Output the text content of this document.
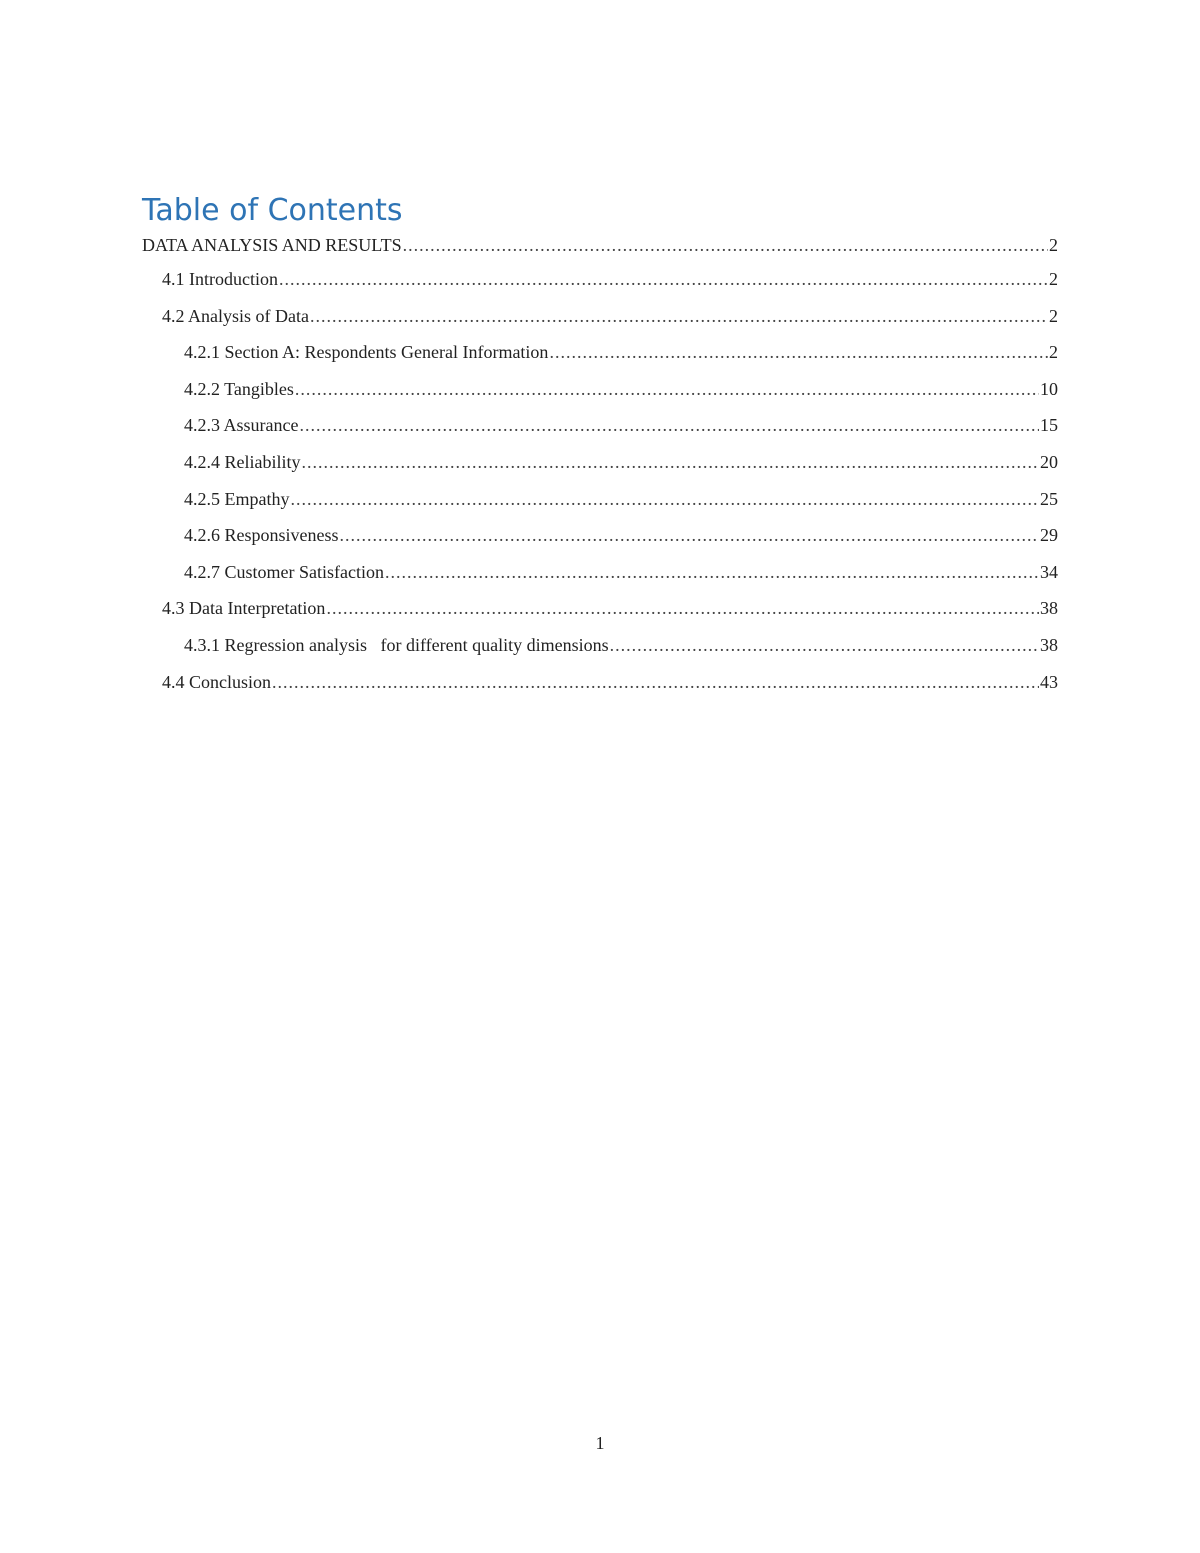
Table of Contents
DATA ANALYSIS AND RESULTS .....	2
4.1 Introduction .....	2
4.2 Analysis of Data .....	2
4.2.1 Section A: Respondents General Information .....	2
4.2.2 Tangibles .....	10
4.2.3 Assurance .....	15
4.2.4 Reliability .....	20
4.2.5 Empathy .....	25
4.2.6 Responsiveness .....	29
4.2.7 Customer Satisfaction .....	34
4.3 Data Interpretation .....	38
4.3.1 Regression analysis   for different quality dimensions .....	38
4.4 Conclusion .....	43
1
